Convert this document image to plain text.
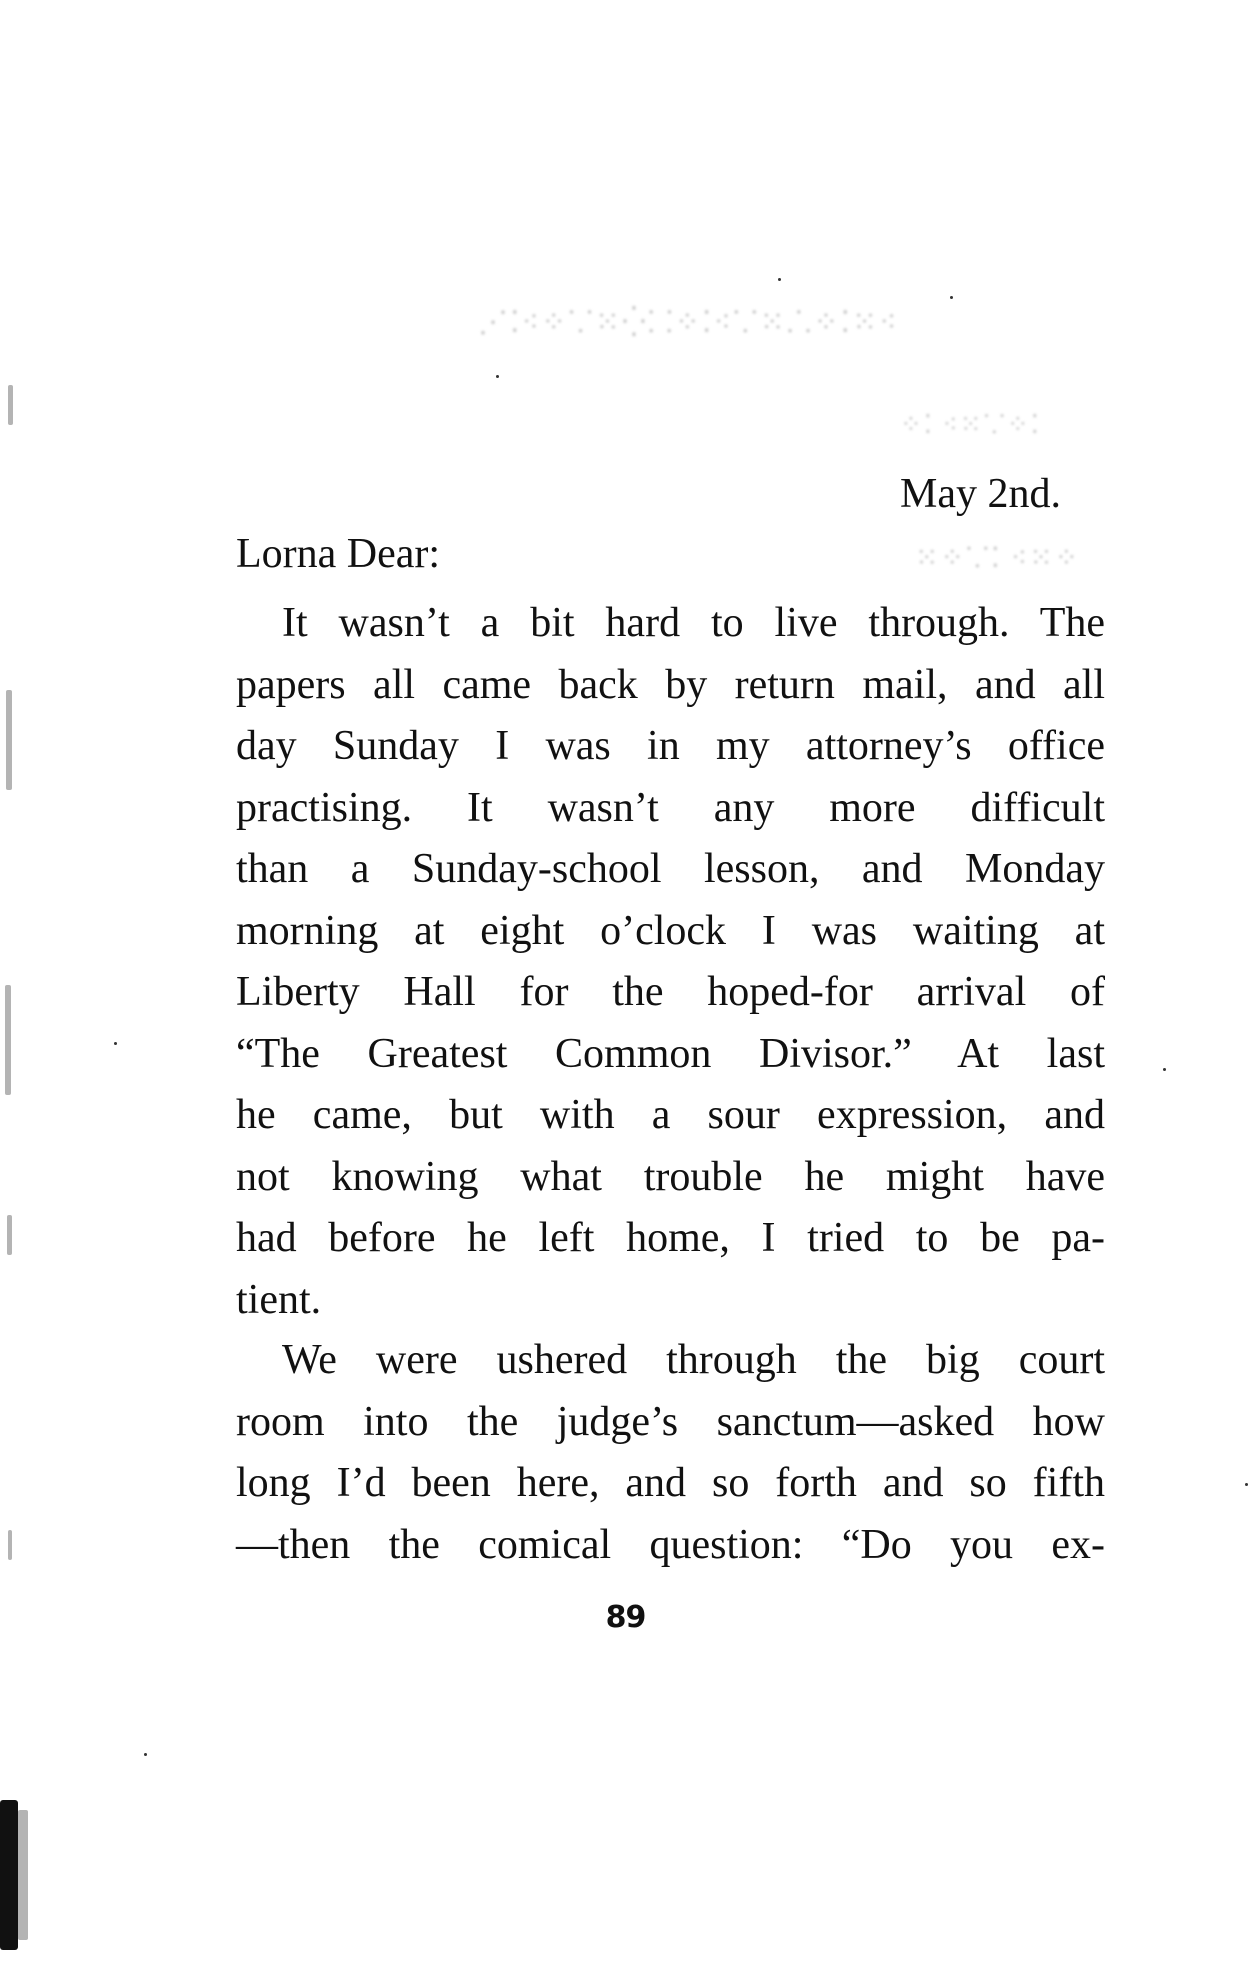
⋰⁚⁖⁘⸪⁙⁛⸬⁘⁚⁖⸪⁙⸫⁘⁚⁙⁖
⁘⁚ ⁖⁙⸪⁘⁚
⁙⁘⸪⁚ ⁖⁙⁘
May 2nd.
Lorna Dear:
It wasn’t a bit hard to live through. The
papers all came back by return mail, and all
day Sunday I was in my attorney’s office
practising. It wasn’t any more difficult
than a Sunday-school lesson, and Monday
morning at eight o’clock I was waiting at
Liberty Hall for the hoped-for arrival of
“The Greatest Common Divisor.” At last
he came, but with a sour expression, and
not knowing what trouble he might have
had before he left home, I tried to be pa-
tient.
We were ushered through the big court
room into the judge’s sanctum—asked how
long I’d been here, and so forth and so fifth
—then the comical question: “Do you ex-
89
